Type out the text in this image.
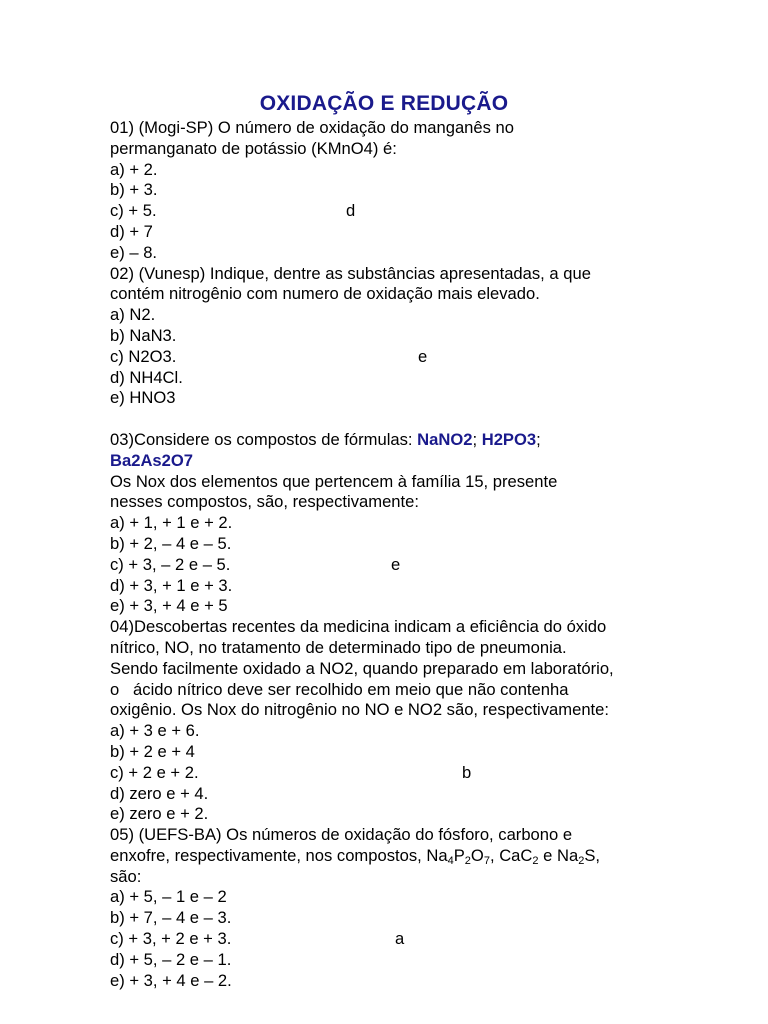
OXIDAÇÃO E REDUÇÃO
01) (Mogi-SP) O número de oxidação do manganês no
permanganato de potássio (KMnO4) é:
a) + 2.
b) + 3.
c) + 5.	d
d) + 7
e) – 8.
02) (Vunesp) Indique, dentre as substâncias apresentadas, a que
contém nitrogênio com numero de oxidação mais elevado.
a) N2.
b) NaN3.
c) N2O3.	e
d) NH4Cl.
e) HNO3
03)Considere os compostos de fórmulas: NaNO2; H2PO3;
Ba2As2O7
Os Nox dos elementos que pertencem à família 15, presente
nesses compostos, são, respectivamente:
a) + 1, + 1 e + 2.
b) + 2, – 4 e – 5.
c) + 3, – 2 e – 5.	e
d) + 3, + 1 e + 3.
e) + 3, + 4 e + 5
04)Descobertas recentes da medicina indicam a eficiência do óxido
nítrico, NO, no tratamento de determinado tipo de pneumonia.
Sendo facilmente oxidado a NO2, quando preparado em laboratório,
o   ácido nítrico deve ser recolhido em meio que não contenha
oxigênio. Os Nox do nitrogênio no NO e NO2 são, respectivamente:
a) + 3 e + 6.
b) + 2 e + 4
c) + 2 e + 2.	b
d) zero e + 4.
e) zero e + 2.
05) (UEFS-BA) Os números de oxidação do fósforo, carbono e
enxofre, respectivamente, nos compostos, $Na_4P_2O_7$, CaC$_2$ e $Na_2S$,
são:
a) + 5, – 1 e – 2
b) + 7, – 4 e – 3.
c) + 3, + 2 e + 3.	a
d) + 5, – 2 e – 1.
e) + 3, + 4 e – 2.
